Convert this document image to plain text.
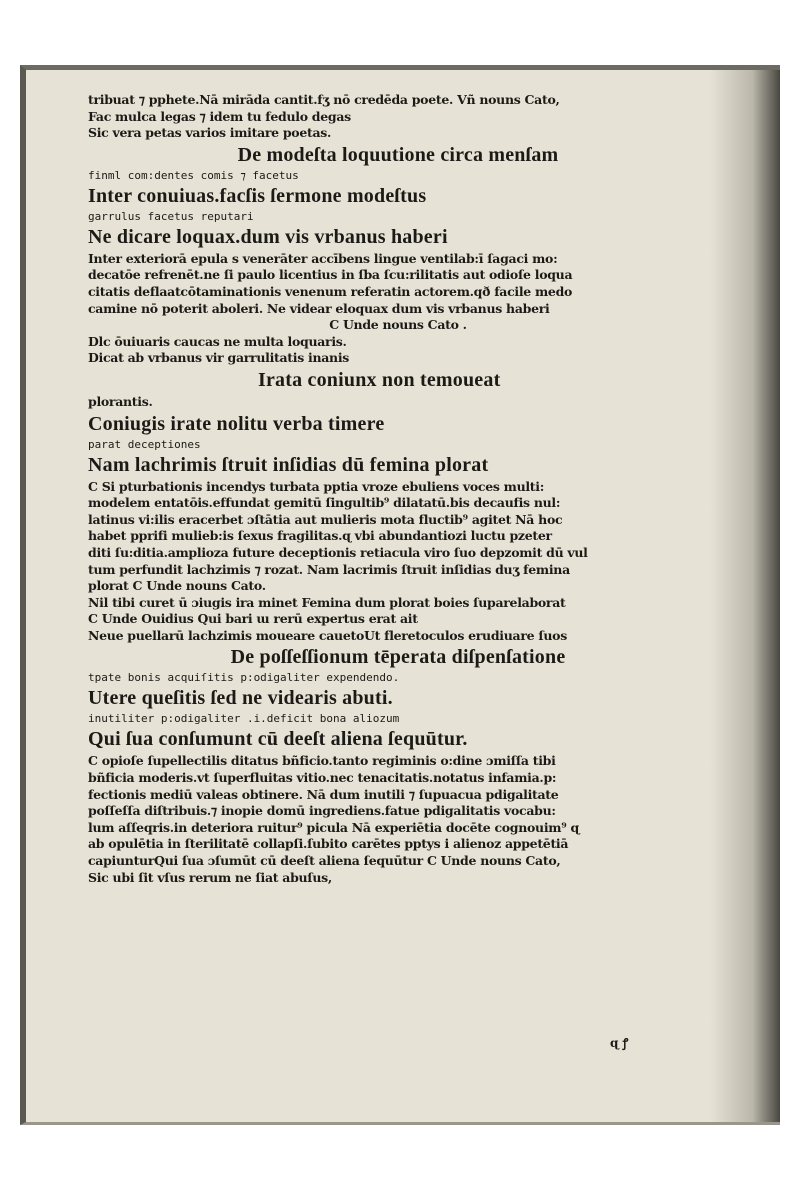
tribuat ⁊ pphete.Nā mirāda cantit.fʒ nō credēda poete. Vñ nouns Cato,
Fac mulca legas ⁊ idem tu fedulo degas
Sic vera petas varios imitare poetas.
De modeſta loquutione circa menſam
finml com:dentes comis ⁊ facetus
Inter conuiuas.facſis ſermone modeſtus
garrulus facetus reputari
Ne dicare loquax.dum vis vrbanus haberi
Inter exteriorā epula s venerāter accībens lingue ventilab:ī ſagaci mo:
decatōe refrenēt.ne ſi paulo licentius in ſba ſcu:rilitatis aut odioſe loqua
citatis deflaatcōtaminationis venenum referatin actorem.qð facile medo
camine nō poterit aboleri. Ne videar eloquax dum vis vrbanus haberi
C Unde nouns Cato .
Dlc ōuiuaris caucas ne multa loquaris.
Dicat ab vrbanus vir garrulitatis inanis
Irata coniunx non temoueat
plorantis.
Coniugis irate nolitu verba timere
parat deceptiones
Nam lachrimis ſtruit inſidias dū femina plorat
C Si pturbationis incendys turbata pptia vroze ebuliens voces multi:
modelem entatōis.effundat gemitū ſingultib⁹ dilatatū.bis decaufis nul:
latinus vi:ilis eracerbet ɔſtātia aut mulieris mota fluctib⁹ agitet Nā hoc
habet pprifi mulieb:is ſexus fragilitas.ɋ vbi abundantiozi luctu pzeter
diti ſu:ditia.amplioza future deceptionis retiacula viro ſuo depzomit dū vul
tum perfundit lachzimis ⁊ rozat. Nam lacrimis ſtruit inſidias duʒ femina
plorat C Unde nouns Cato.
Nil tibi curet ū ɔiugis ira minet Femina dum plorat boies ſuparelaborat
C Unde Ouidius Qui bari ɯ rerū expertus erat ait
Neue puellarū lachzimis moueare cauetoUt fleretoculos erudiuare ſuos
De poſſeſſionum tēperata diſpenſatione
tpate bonis acquiſitis p:odigaliter expendendo.
Utere queſitis ſed ne videaris abuti.
inutiliter p:odigaliter .i.deficit bona aliozum
Qui ſua conſumunt cū deeſt aliena ſequūtur.
C opioſe ſupellectilis ditatus bñficio.tanto regiminis o:dine ɔmiſſa tibi
bñficia moderis.vt ſuperfluitas vitio.nec tenacitatis.notatus infamia.p:
fectionis mediū valeas obtinere. Nā dum inutili ⁊ ſupuacua pdigalitate
poſſeſſa diſtribuis.⁊ inopie domū ingrediens.fatue pdigalitatis vocabu:
lum aſſeqris.in deteriora ruitur⁹ picula Nā experiētia docēte cognouim⁹ ɋ
ab opulētia in ſterilitatē collapſi.ſubito carētes pptys i alienoz appetētiā
capiunturQui ſua ɔſumūt cū deeſt aliena ſequūtur C Unde nouns Cato,
Sic ubi ſit vſus rerum ne ſiat abuſus,
ɋ ꝭ
